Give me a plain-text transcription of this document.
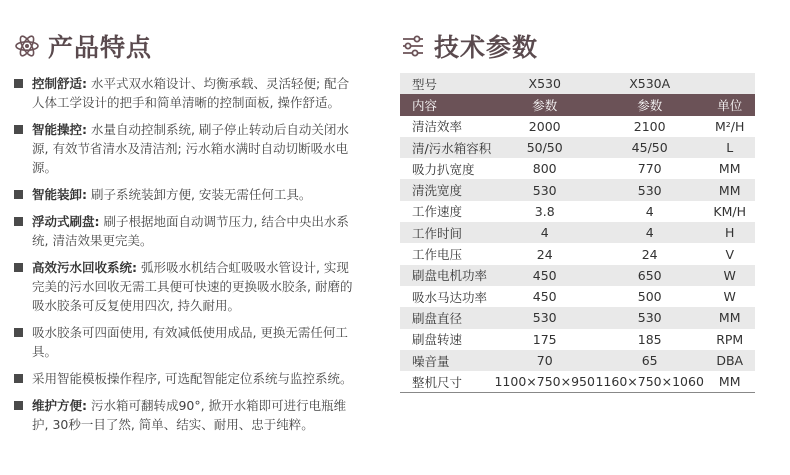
产品特点
控制舒适: 水平式双水箱设计、均衡承载、灵活轻便; 配合人体工学设计的把手和简单清晰的控制面板, 操作舒适。
智能操控: 水量自动控制系统, 刷子停止转动后自动关闭水源, 有效节省清水及清洁剂; 污水箱水满时自动切断吸水电源。
智能装卸: 刷子系统装卸方便, 安装无需任何工具。
浮动式刷盘: 刷子根据地面自动调节压力, 结合中央出水系统, 清洁效果更完美。
高效污水回收系统: 弧形吸水机结合虹吸吸水管设计, 实现完美的污水回收无需工具便可快速的更换吸水胶条, 耐磨的吸水胶条可反复使用四次, 持久耐用。
吸水胶条可四面使用, 有效减低使用成品, 更换无需任何工具。
采用智能模板操作程序, 可选配智能定位系统与监控系统。
维护方便: 污水箱可翻转成90°, 掀开水箱即可进行电瓶维护, 30秒一目了然, 简单、结实、耐用、忠于纯粹。
技术参数
型号	X530	X530A	
内容	参数	参数	单位
清洁效率	2000	2100	M²/H
清/污水箱容积	50/50	45/50	L
吸力扒宽度	800	770	MM
清洗宽度	530	530	MM
工作速度	3.8	4	KM/H
工作时间	4	4	H
工作电压	24	24	V
刷盘电机功率	450	650	W
吸水马达功率	450	500	W
刷盘直径	530	530	MM
刷盘转速	175	185	RPM
噪音量	70	65	DBA
整机尺寸	1100×750×950	1160×750×1060	MM
